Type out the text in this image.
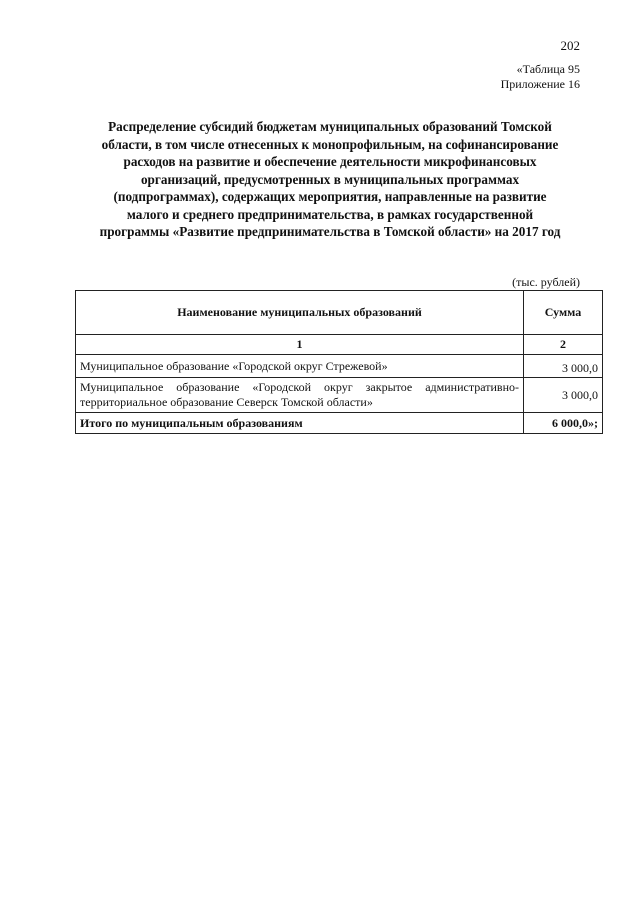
202
«Таблица 95
Приложение 16
Распределение субсидий бюджетам муниципальных образований Томской
области, в том числе отнесенных к монопрофильным, на софинансирование
расходов на развитие и обеспечение деятельности микрофинансовых
организаций, предусмотренных в муниципальных программах
(подпрограммах), содержащих мероприятия, направленные на развитие
малого и среднего предпринимательства, в рамках государственной
программы «Развитие предпринимательства в Томской области» на 2017 год
(тыс. рублей)
Наименование муниципальных образований	Сумма
1	2
Муниципальное образование «Городской округ Стрежевой»	3 000,0
Муниципальное образование «Городской округ закрытое административно-территориальное образование Северск Томской области»	3 000,0
Итого по муниципальным образованиям	6 000,0»;
